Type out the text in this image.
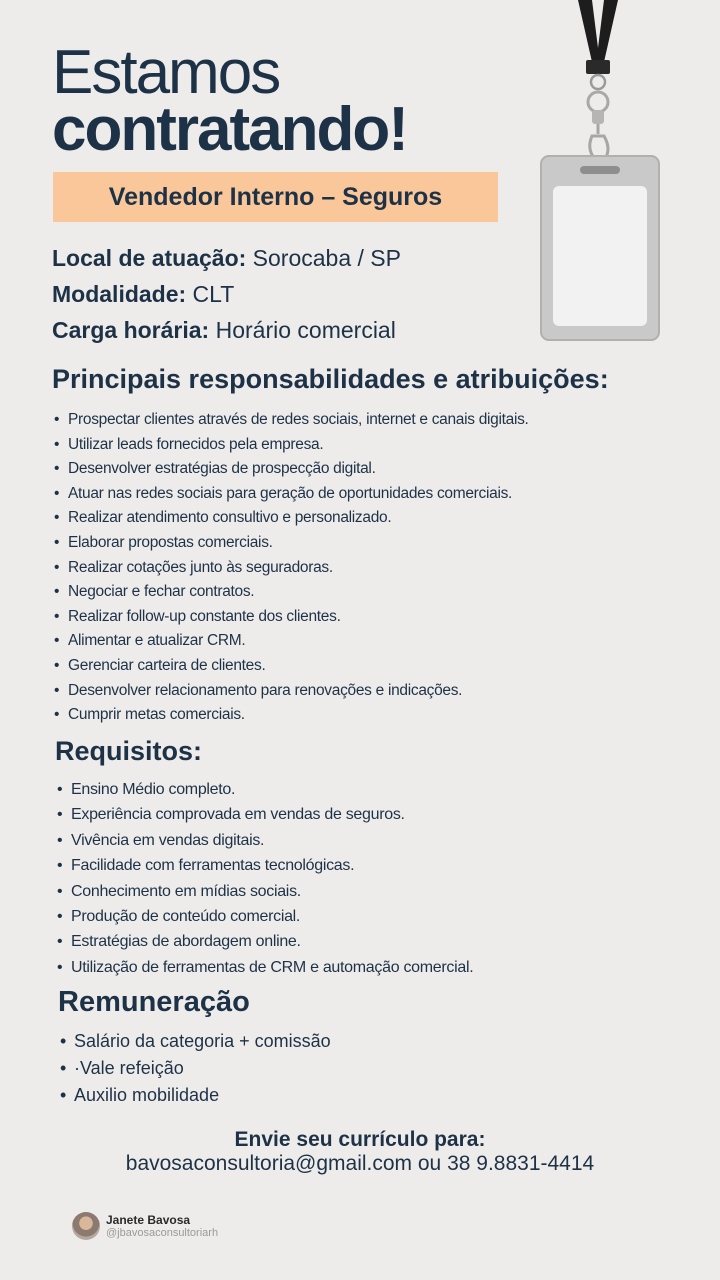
Estamos
contratando!
Vendedor Interno – Seguros
Local de atuação: Sorocaba / SP
Modalidade: CLT
Carga horária: Horário comercial
Principais responsabilidades e atribuições:
• Prospectar clientes através de redes sociais, internet e canais digitais.
• Utilizar leads fornecidos pela empresa.
• Desenvolver estratégias de prospecção digital.
• Atuar nas redes sociais para geração de oportunidades comerciais.
• Realizar atendimento consultivo e personalizado.
• Elaborar propostas comerciais.
• Realizar cotações junto às seguradoras.
• Negociar e fechar contratos.
• Realizar follow-up constante dos clientes.
• Alimentar e atualizar CRM.
• Gerenciar carteira de clientes.
• Desenvolver relacionamento para renovações e indicações.
• Cumprir metas comerciais.
Requisitos:
• Ensino Médio completo.
• Experiência comprovada em vendas de seguros.
• Vivência em vendas digitais.
• Facilidade com ferramentas tecnológicas.
• Conhecimento em mídias sociais.
• Produção de conteúdo comercial.
• Estratégias de abordagem online.
• Utilização de ferramentas de CRM e automação comercial.
Remuneração
• Salário da categoria + comissão
• ·Vale refeição
• Auxilio mobilidade
Envie seu currículo para:
bavosaconsultoria@gmail.com ou 38 9.8831-4414
Janete Bavosa
@jbavosaconsultoriarh
